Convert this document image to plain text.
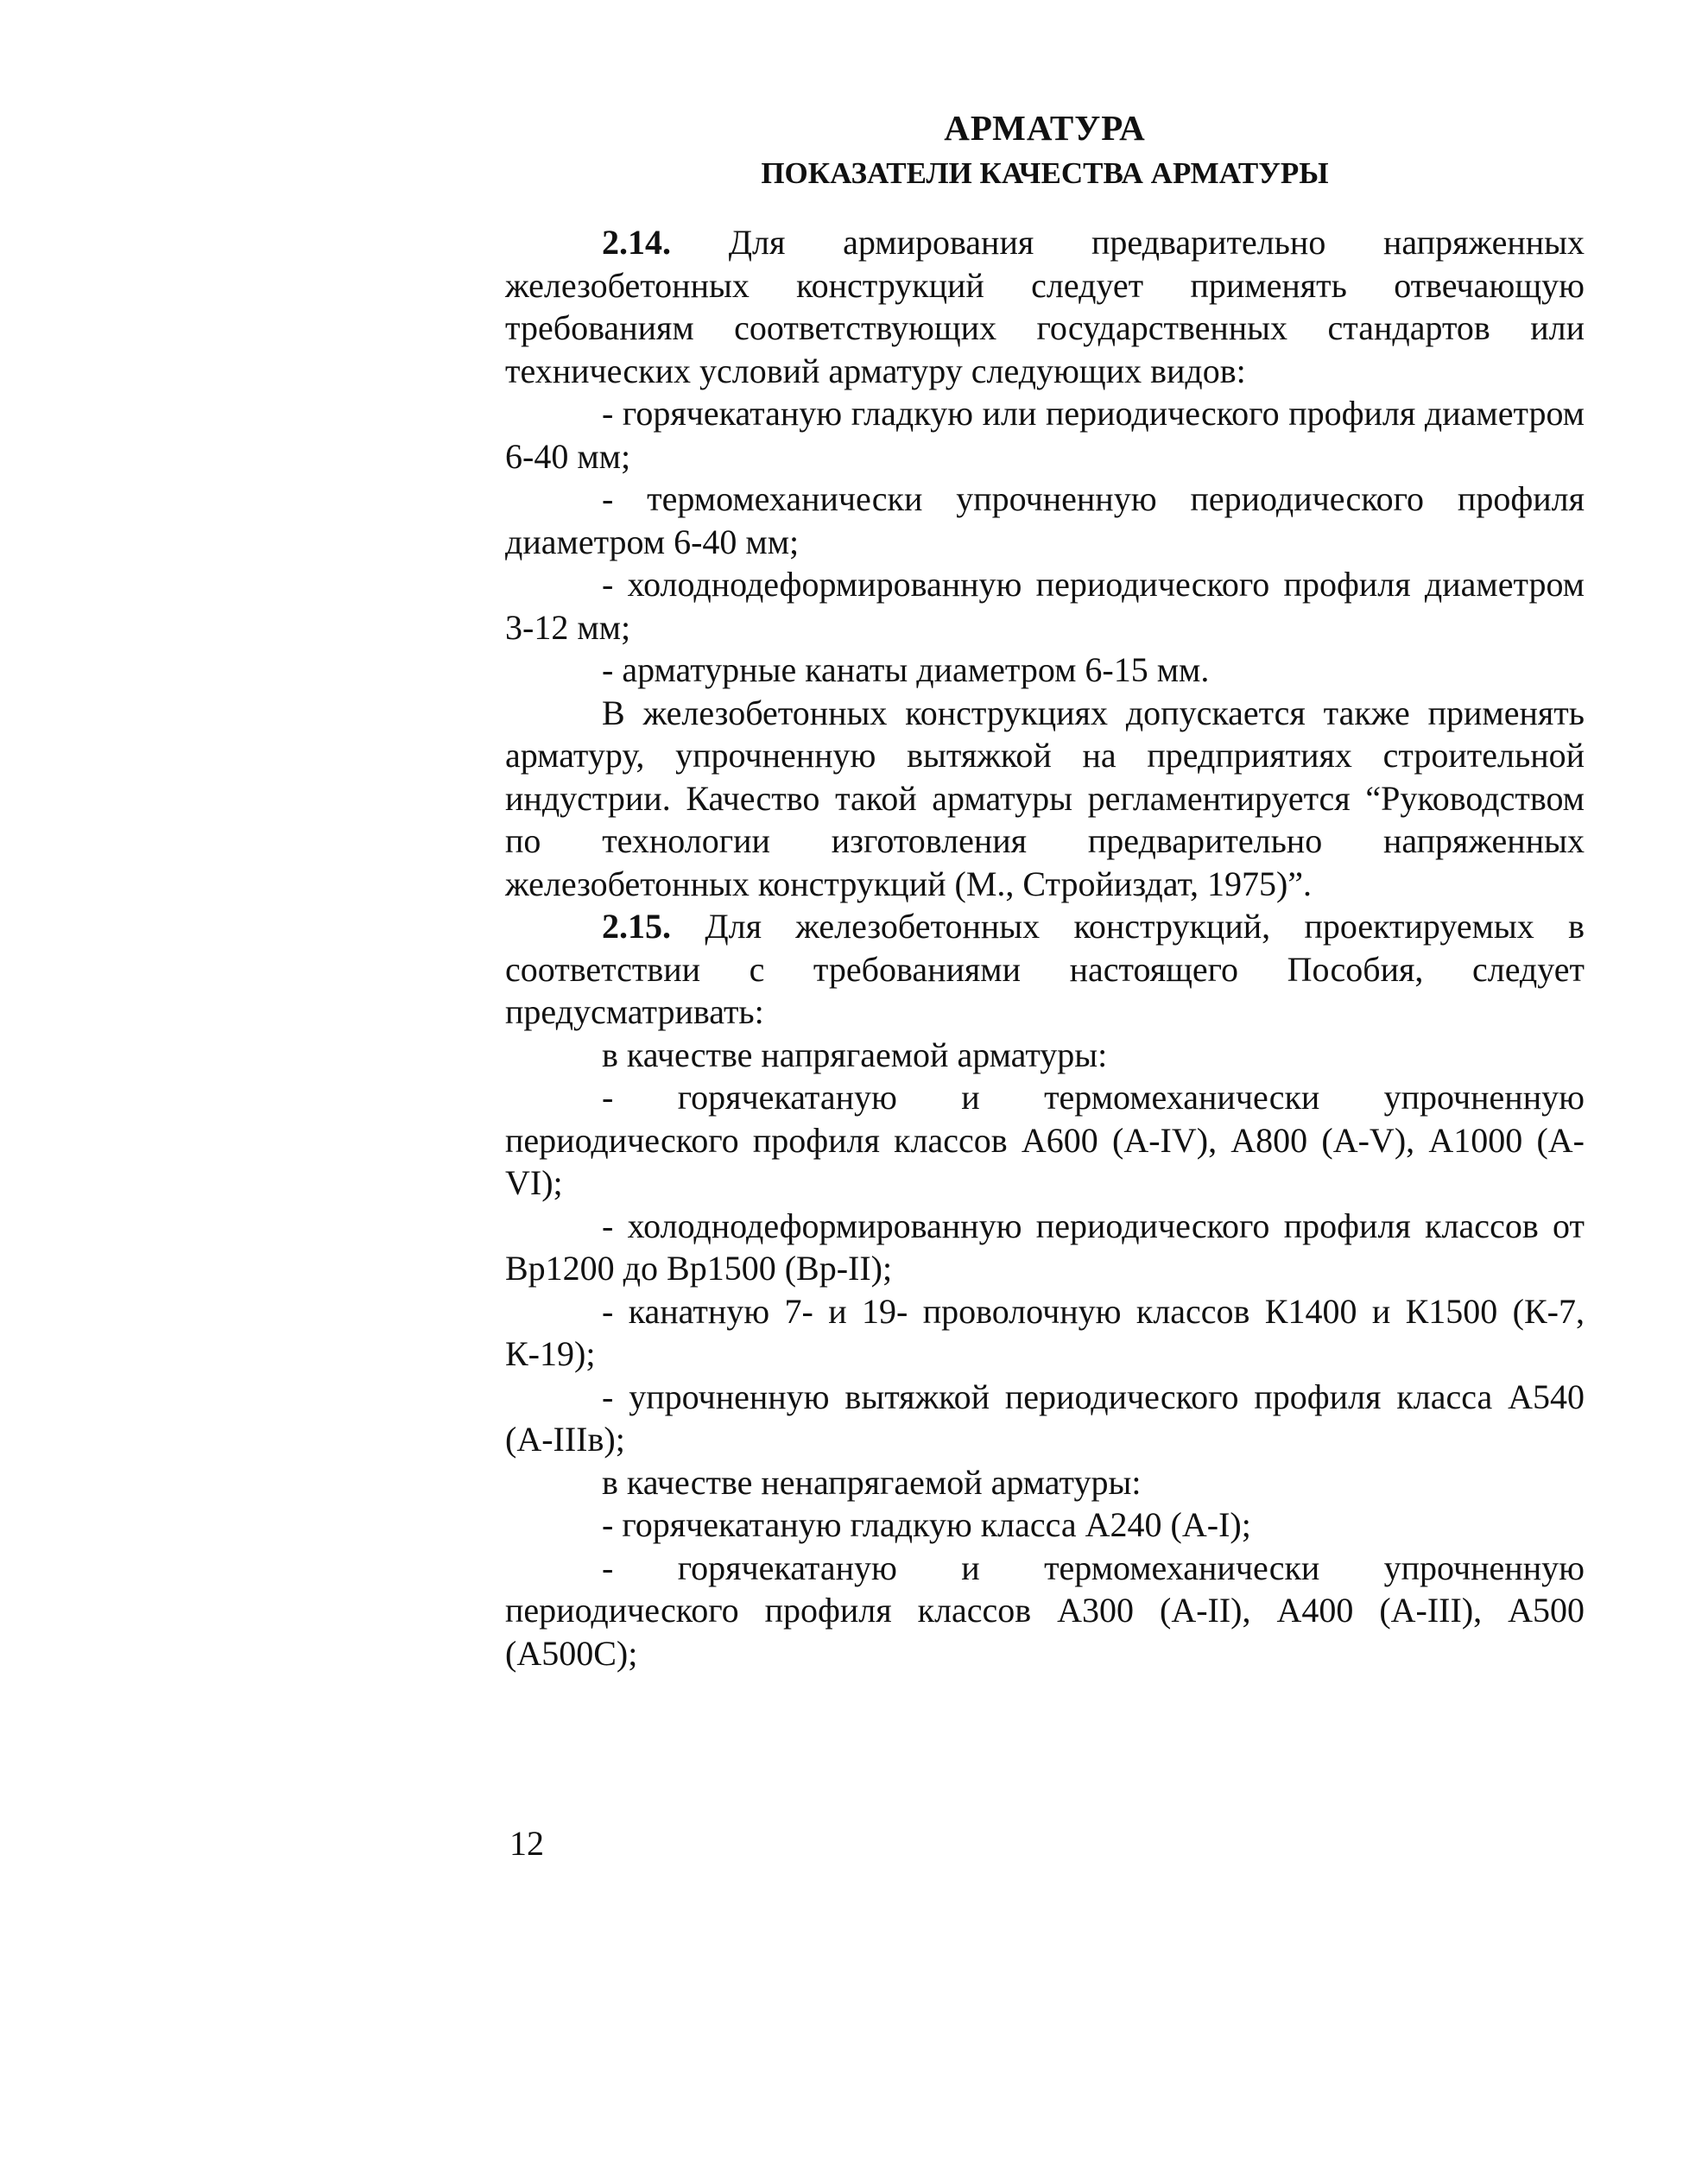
АРМАТУРА
ПОКАЗАТЕЛИ КАЧЕСТВА АРМАТУРЫ

2.14. Для армирования предварительно напряженных железобетонных конструкций следует применять отвечающую требованиям соответствующих государственных стандартов или технических условий арматуру следующих видов:

- горячекатаную гладкую или периодического профиля диаметром 6-40 мм;

- термомеханически упрочненную периодического профиля диаметром 6-40 мм;

- холоднодеформированную периодического профиля диаметром 3-12 мм;

- арматурные канаты диаметром 6-15 мм.

В железобетонных конструкциях допускается также применять арматуру, упрочненную вытяжкой на предприятиях строительной индустрии. Качество такой арматуры регламентируется “Руководством по технологии изготовления предварительно напряженных железобетонных конструкций (М., Стройиздат, 1975)”.

2.15. Для железобетонных конструкций, проектируемых в соответствии с требованиями настоящего Пособия, следует предусматривать:

в качестве напрягаемой арматуры:

- горячекатаную и термомеханически упрочненную периодического профиля классов А600 (A-IV), А800 (A-V), А1000 (A-VI);

- холоднодеформированную периодического профиля классов от Вр1200 до Вр1500 (Вр-II);

- канатную 7- и 19- проволочную классов К1400 и К1500 (К-7, К-19);

- упрочненную вытяжкой периодического профиля класса А540 (А-IIIв);

в качестве ненапрягаемой арматуры:

- горячекатаную гладкую класса А240 (A-I);

- горячекатаную и термомеханически упрочненную периодического профиля классов А300 (A-II), А400 (A-III), А500 (А500С);

12
